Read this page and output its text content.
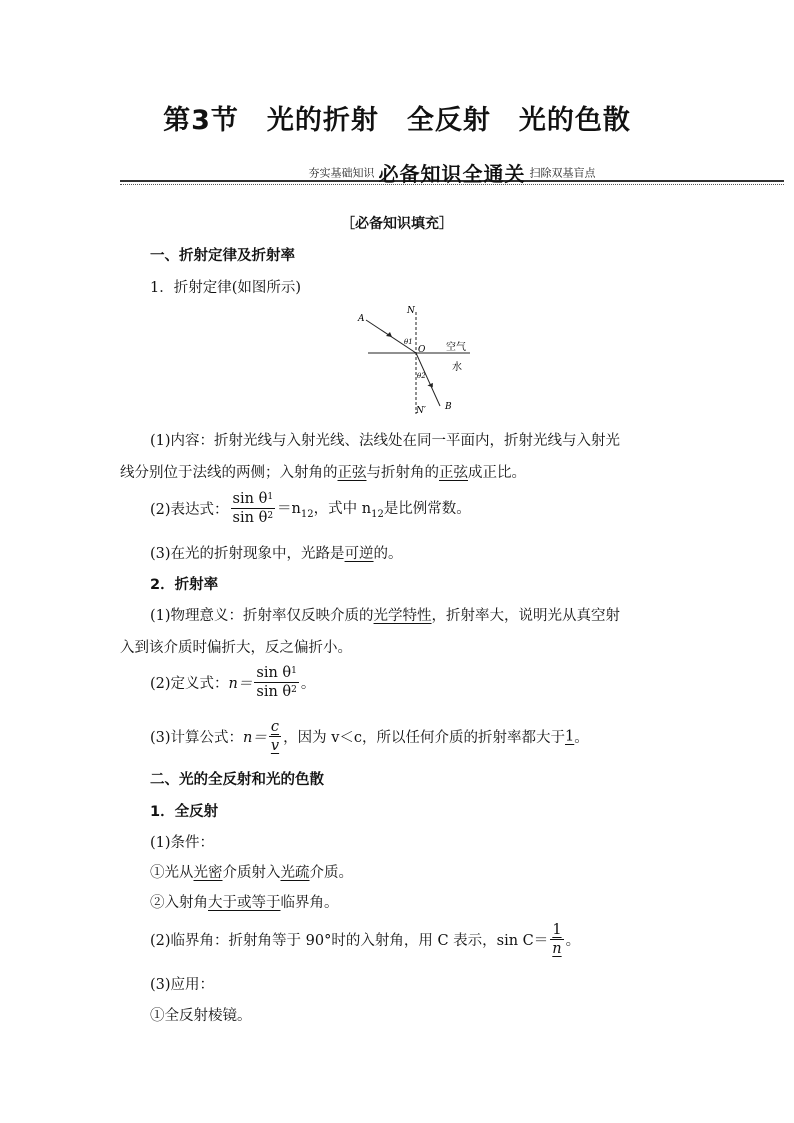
第3节 光的折射 全反射 光的色散
夯实基础知识 必备知识全通关 扫除双基盲点
［必备知识填充］
一、折射定律及折射率
1．折射定律(如图所示)
A
N
O
θ1
θ2
N′ B
空气
水
(1)内容：折射光线与入射光线、法线处在同一平面内，折射光线与入射光
线分别位于法线的两侧；入射角的正弦与折射角的正弦成正比。
(2)表达式： $\frac{\sin \theta^1}{\sin \theta^2} =n_{12}$，式中 $n_{12}$是比例常数。
(3)在光的折射现象中，光路是可逆的。
2．折射率
(1)物理意义：折射率仅反映介质的光学特性，折射率大，说明光从真空射
入到该介质时偏折大，反之偏折小。
(2)定义式：$n= \frac{\sin \theta^1}{\sin \theta^2}$ 。
(3)计算公式：$n= \frac{c}{v}$ ，因为 v＜c，所以任何介质的折射率都大于1。
二、光的全反射和光的色散
1．全反射
(1)条件：
①光从光密介质射入光疏介质。
②入射角大于或等于临界角。
(2)临界角：折射角等于 90°时的入射角，用 C 表示，$\sin C= \frac{1}{n}$ 。
(3)应用：
①全反射棱镜。
